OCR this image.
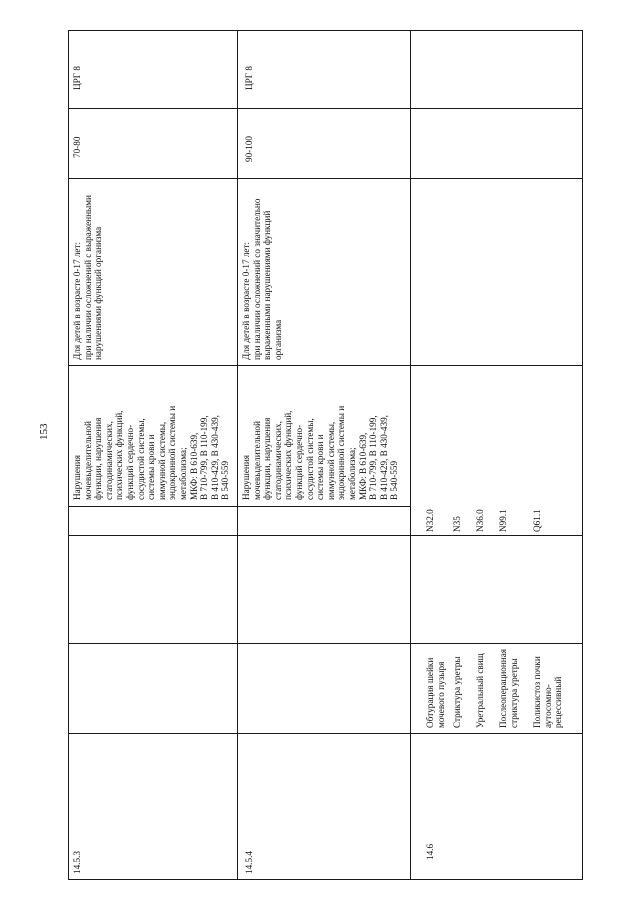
153
14.5.3
Нарушения мочевыделительной функции, нарушения статодинамических, психических функций, функций сердечно- сосудистой системы, системы крови и иммунной системы, эндокринной системы и метаболизма; МКФ: B 610-639, B 710-799, B 110-199, B 410-429, B 430-439, B 540-559
Для детей в возрасте 0-17 лет: при наличии осложнений с выраженными нарушениями функций организма
70-80
ЦРГ 8
14.5.4
Нарушения мочевыделительной функции, нарушения статодинамических, психических функций, функций сердечно- сосудистой системы, системы крови и иммунной системы, эндокринной системы и метаболизма; МКФ: B 610-639, B 710-799, B 110-199, B 410-429, B 430-439, B 540-559
Для детей в возрасте 0-17 лет: при наличии осложнений со значительно выраженными нарушениями функций организма
90-100
ЦРГ 8
14.6
Обтурация шейки мочевого пузыря
N32.0
Стриктура уретры
N35
Уретральный свищ
N36.0
Послеоперационная стриктура уретры
N99.1
Поликистоз почки аутосомно- рецессивный
Q61.1
